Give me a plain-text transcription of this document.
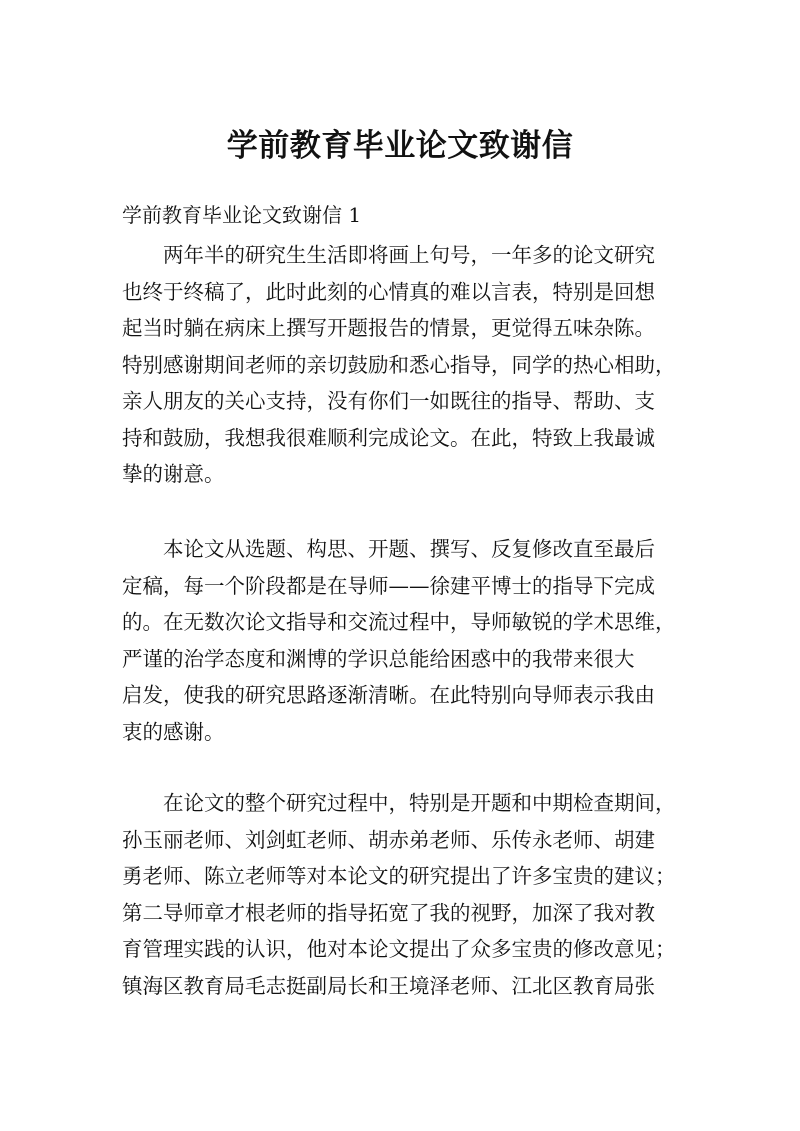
学前教育毕业论文致谢信

学前教育毕业论文致谢信 1

两年半的研究生生活即将画上句号，一年多的论文研究
也终于终稿了，此时此刻的心情真的难以言表，特别是回想
起当时躺在病床上撰写开题报告的情景，更觉得五味杂陈。
特别感谢期间老师的亲切鼓励和悉心指导，同学的热心相助，
亲人朋友的关心支持，没有你们一如既往的指导、帮助、支
持和鼓励，我想我很难顺利完成论文。在此，特致上我最诚
挚的谢意。
本论文从选题、构思、开题、撰写、反复修改直至最后
定稿，每一个阶段都是在导师——徐建平博士的指导下完成
的。在无数次论文指导和交流过程中，导师敏锐的学术思维，
严谨的治学态度和渊博的学识总能给困惑中的我带来很大
启发，使我的研究思路逐渐清晰。在此特别向导师表示我由
衷的感谢。
在论文的整个研究过程中，特别是开题和中期检查期间，
孙玉丽老师、刘剑虹老师、胡赤弟老师、乐传永老师、胡建
勇老师、陈立老师等对本论文的研究提出了许多宝贵的建议；
第二导师章才根老师的指导拓宽了我的视野，加深了我对教
育管理实践的认识，他对本论文提出了众多宝贵的修改意见；
镇海区教育局毛志挺副局长和王境泽老师、江北区教育局张
